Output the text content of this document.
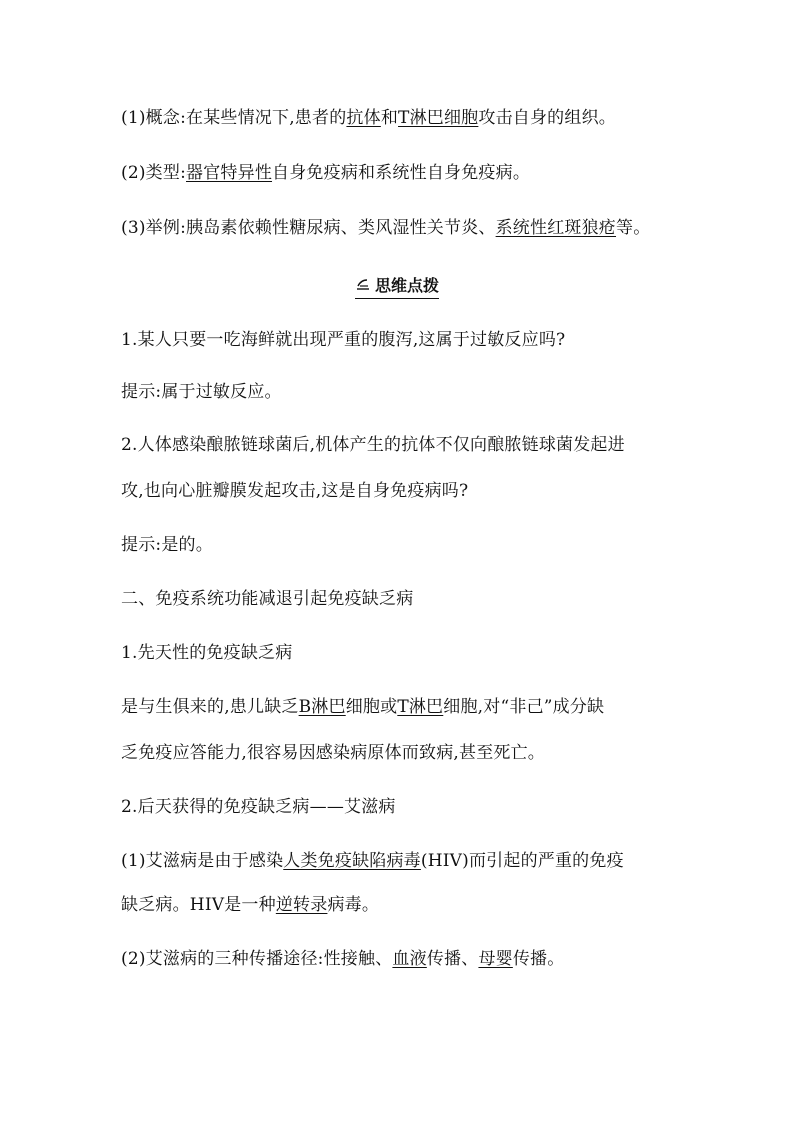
(1)概念:在某些情况下,患者的抗体和T淋巴细胞攻击自身的组织。
(2)类型:器官特异性自身免疫病和系统性自身免疫病。
(3)举例:胰岛素依赖性糖尿病、类风湿性关节炎、系统性红斑狼疮等。
思维点拨
1.某人只要一吃海鲜就出现严重的腹泻,这属于过敏反应吗?
提示:属于过敏反应。
2.人体感染酿脓链球菌后,机体产生的抗体不仅向酿脓链球菌发起进
攻,也向心脏瓣膜发起攻击,这是自身免疫病吗?
提示:是的。
二、免疫系统功能减退引起免疫缺乏病
1.先天性的免疫缺乏病
是与生俱来的,患儿缺乏B淋巴细胞或T淋巴细胞,对“非己”成分缺
乏免疫应答能力,很容易因感染病原体而致病,甚至死亡。
2.后天获得的免疫缺乏病——艾滋病
(1)艾滋病是由于感染人类免疫缺陷病毒(HIV)而引起的严重的免疫
缺乏病。HIV是一种逆转录病毒。
(2)艾滋病的三种传播途径:性接触、血液传播、母婴传播。
